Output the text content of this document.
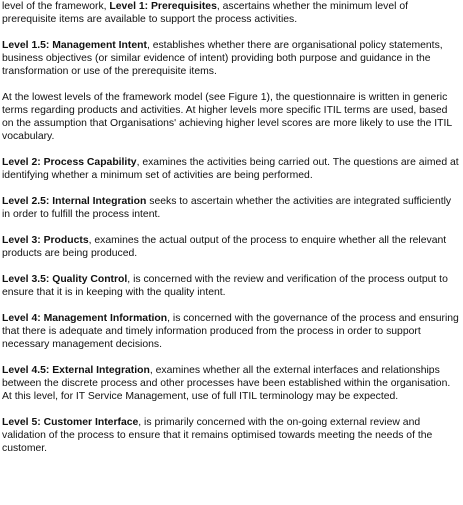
level of the framework, Level 1: Prerequisites, ascertains whether the minimum level of prerequisite items are available to support the process activities.

Level 1.5: Management Intent, establishes whether there are organisational policy statements, business objectives (or similar evidence of intent) providing both purpose and guidance in the transformation or use of the prerequisite items.

At the lowest levels of the framework model (see Figure 1), the questionnaire is written in generic terms regarding products and activities. At higher levels more specific ITIL terms are used, based on the assumption that Organisations' achieving higher level scores are more likely to use the ITIL vocabulary.

Level 2: Process Capability, examines the activities being carried out. The questions are aimed at identifying whether a minimum set of activities are being performed.

Level 2.5: Internal Integration seeks to ascertain whether the activities are integrated sufficiently in order to fulfill the process intent.

Level 3: Products, examines the actual output of the process to enquire whether all the relevant products are being produced.

Level 3.5: Quality Control, is concerned with the review and verification of the process output to ensure that it is in keeping with the quality intent.

Level 4: Management Information, is concerned with the governance of the process and ensuring that there is adequate and timely information produced from the process in order to support necessary management decisions.

Level 4.5: External Integration, examines whether all the external interfaces and relationships between the discrete process and other processes have been established within the organisation. At this level, for IT Service Management, use of full ITIL terminology may be expected.

Level 5: Customer Interface, is primarily concerned with the on-going external review and validation of the process to ensure that it remains optimised towards meeting the needs of the customer.
